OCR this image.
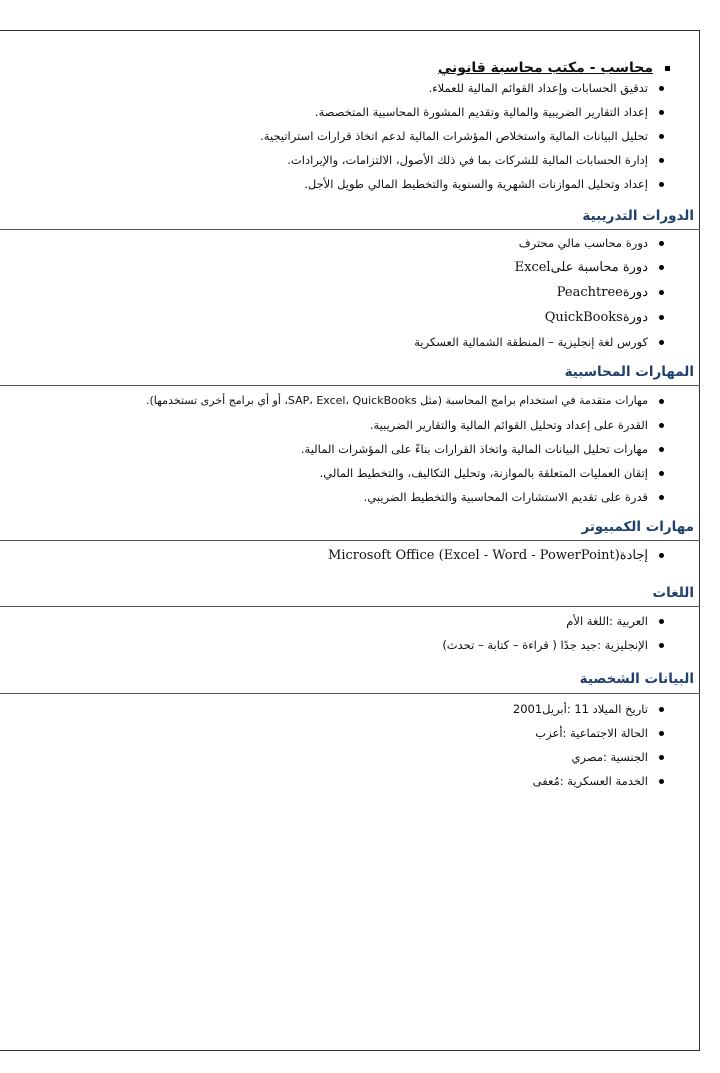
محاسب - مكتب محاسبة قانوني
تدقيق الحسابات وإعداد القوائم المالية للعملاء.
إعداد التقارير الضريبية والمالية وتقديم المشورة المحاسبية المتخصصة.
تحليل البيانات المالية واستخلاص المؤشرات المالية لدعم اتخاذ قرارات استراتيجية.
إدارة الحسابات المالية للشركات بما في ذلك الأصول، الالتزامات، والإيرادات.
إعداد وتحليل الموازنات الشهرية والسنوية والتخطيط المالي طويل الأجل.
الدورات التدريبية
دورة محاسب مالي محترف
دورة محاسبة علىExcel
دورةPeachtree
دورةQuickBooks
كورس لغة إنجليزية – المنطقة الشمالية العسكرية
المهارات المحاسبية
مهارات متقدمة في استخدام برامج المحاسبة (مثل SAP، Excel، QuickBooks، أو أي برامج أخرى تستخدمها).
القدرة على إعداد وتحليل القوائم المالية والتقارير الضريبية.
مهارات تحليل البيانات المالية واتخاذ القرارات بناءً على المؤشرات المالية.
إتقان العمليات المتعلقة بالموازنة، وتحليل التكاليف، والتخطيط المالي.
قدرة على تقديم الاستشارات المحاسبية والتخطيط الضريبي.
مهارات الكمبيوتر
إجادةMicrosoft Office (Excel - Word - PowerPoint)
اللغات
العربية :اللغة الأم
الإنجليزية :جيد جدًا ( قراءة – كتابة – تحدث)
البيانات الشخصية
تاريخ الميلاد 11 :أبريل2001
الحالة الاجتماعية :أعزب
الجنسية :مصري
الخدمة العسكرية :مُعفى
